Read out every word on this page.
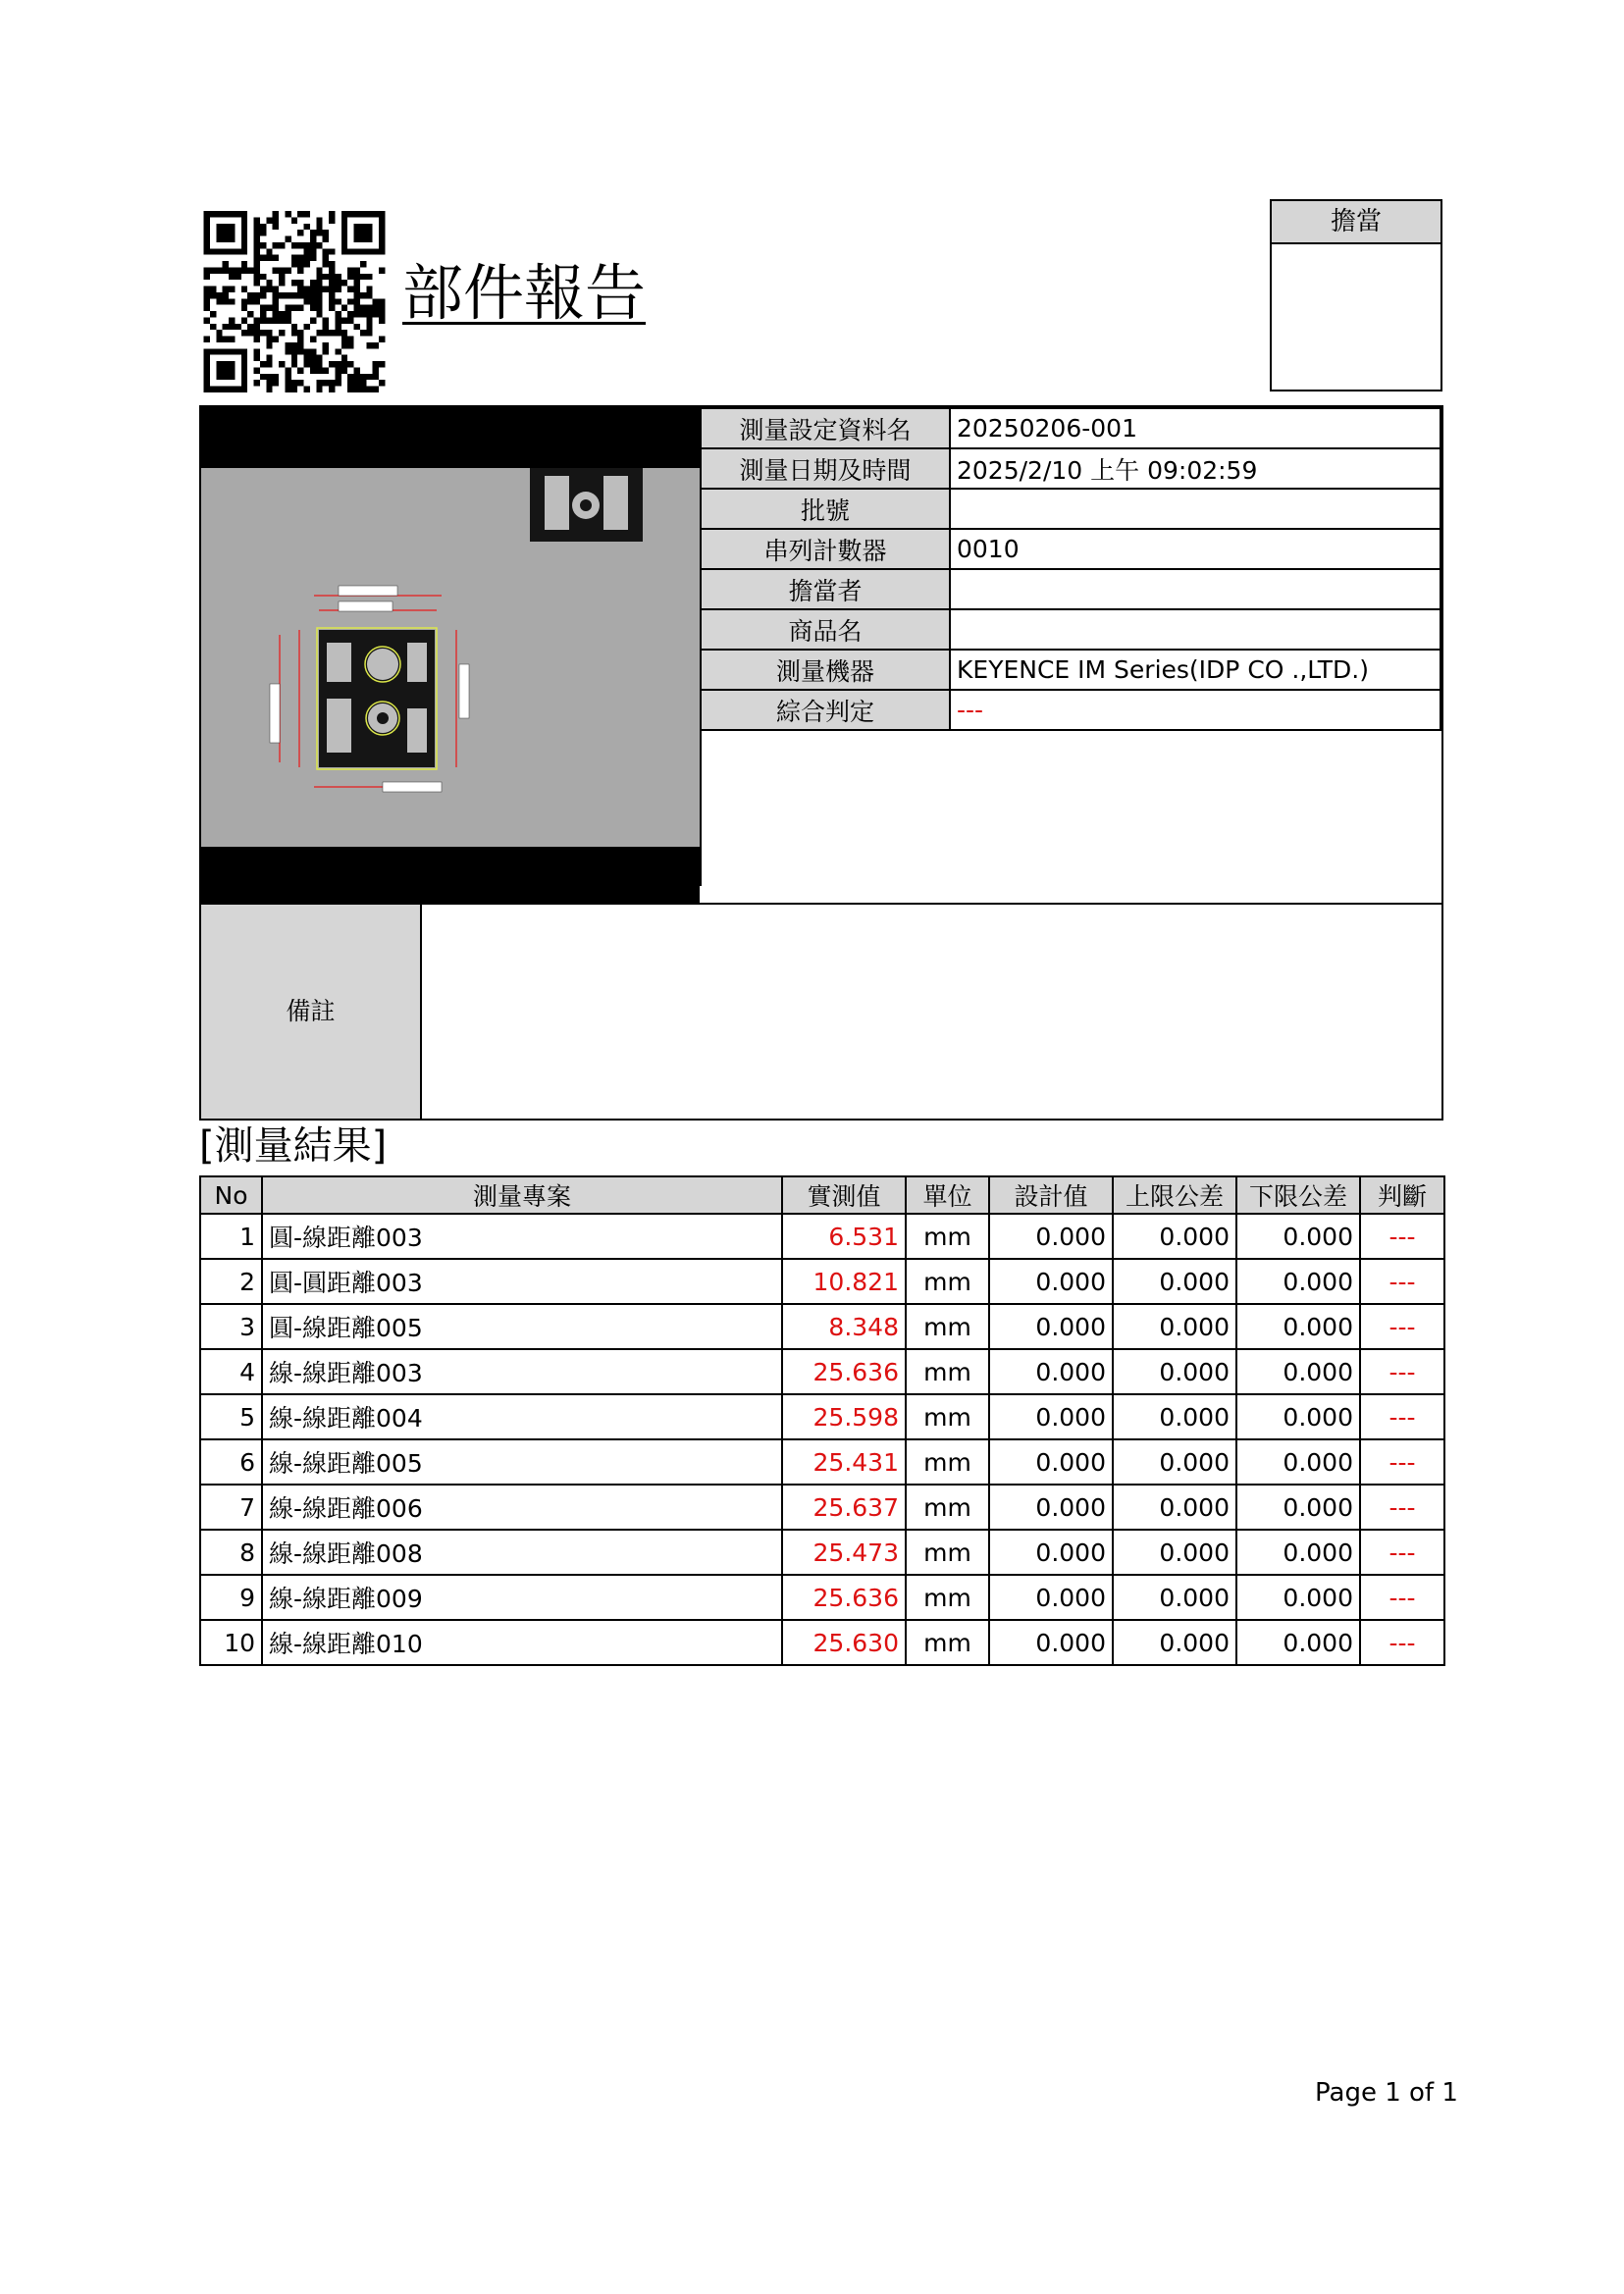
部件報告
擔當
測量設定資料名	20250206-001
測量日期及時間	2025/2/10 上午 09:02:59
批號	
串列計數器	0010
擔當者	
商品名	
測量機器	KEYENCE IM Series(IDP CO .,LTD.)
綜合判定	---

備註
[測量結果]
No	測量專案	實測值	單位	設計值	上限公差	下限公差	判斷
1	圓-線距離003	6.531	mm	0.000	0.000	0.000	---
2	圓-圓距離003	10.821	mm	0.000	0.000	0.000	---
3	圓-線距離005	8.348	mm	0.000	0.000	0.000	---
4	線-線距離003	25.636	mm	0.000	0.000	0.000	---
5	線-線距離004	25.598	mm	0.000	0.000	0.000	---
6	線-線距離005	25.431	mm	0.000	0.000	0.000	---
7	線-線距離006	25.637	mm	0.000	0.000	0.000	---
8	線-線距離008	25.473	mm	0.000	0.000	0.000	---
9	線-線距離009	25.636	mm	0.000	0.000	0.000	---
10	線-線距離010	25.630	mm	0.000	0.000	0.000	---
Page 1 of 1
